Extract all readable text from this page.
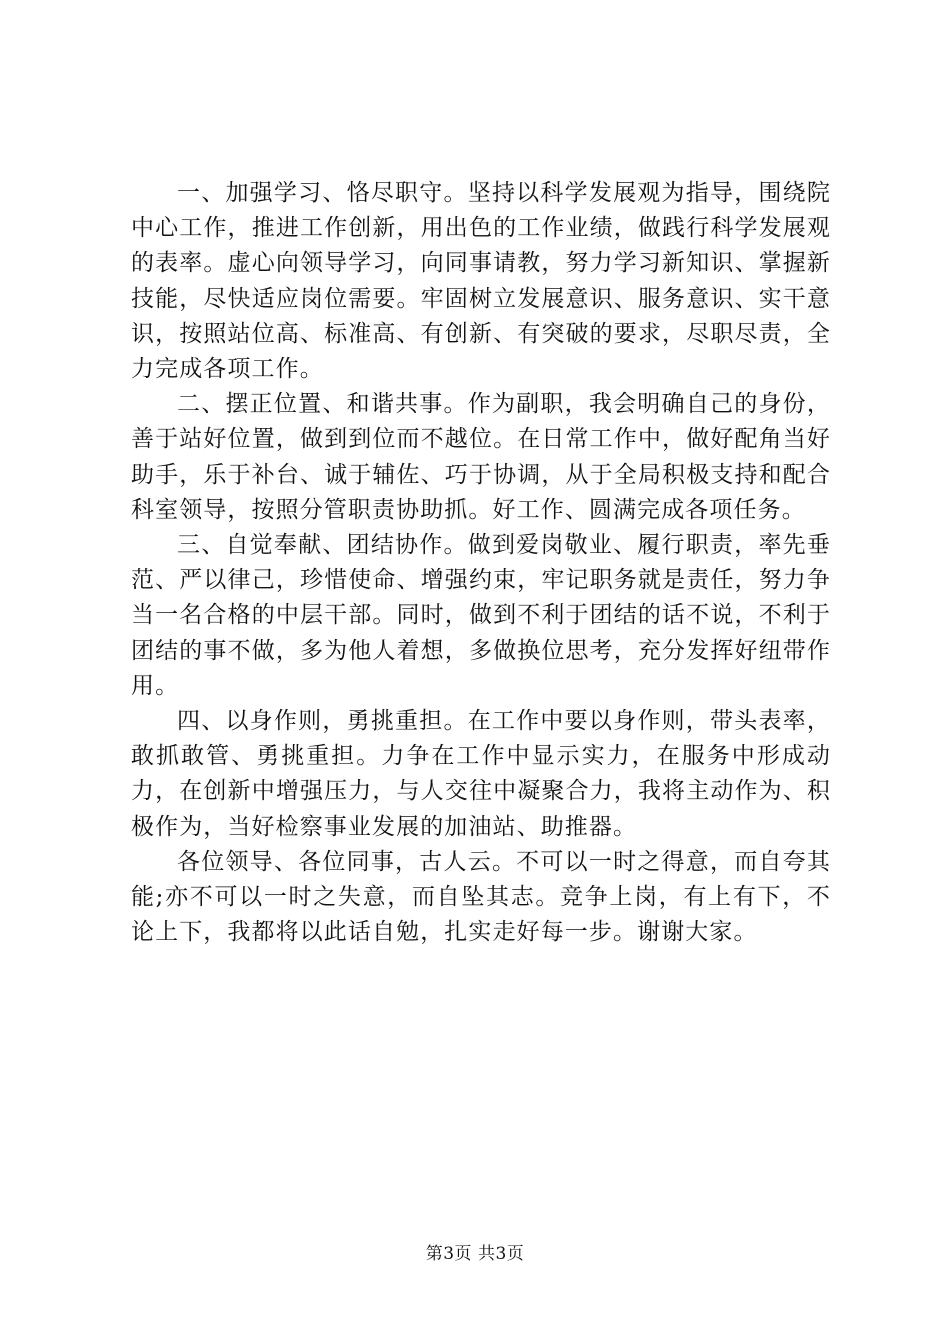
一、加强学习、恪尽职守。坚持以科学发展观为指导，围绕院中心工作，推进工作创新，用出色的工作业绩，做践行科学发展观的表率。虚心向领导学习，向同事请教，努力学习新知识、掌握新技能，尽快适应岗位需要。牢固树立发展意识、服务意识、实干意识，按照站位高、标准高、有创新、有突破的要求，尽职尽责，全力完成各项工作。

二、摆正位置、和谐共事。作为副职，我会明确自己的身份，善于站好位置，做到到位而不越位。在日常工作中，做好配角当好助手，乐于补台、诚于辅佐、巧于协调，从于全局积极支持和配合科室领导，按照分管职责协助抓。好工作、圆满完成各项任务。

三、自觉奉献、团结协作。做到爱岗敬业、履行职责，率先垂范、严以律己，珍惜使命、增强约束，牢记职务就是责任，努力争当一名合格的中层干部。同时，做到不利于团结的话不说，不利于团结的事不做，多为他人着想，多做换位思考，充分发挥好纽带作用。

四、以身作则，勇挑重担。在工作中要以身作则，带头表率，敢抓敢管、勇挑重担。力争在工作中显示实力，在服务中形成动力，在创新中增强压力，与人交往中凝聚合力，我将主动作为、积极作为，当好检察事业发展的加油站、助推器。

各位领导、各位同事，古人云。不可以一时之得意，而自夸其能;亦不可以一时之失意，而自坠其志。竞争上岗，有上有下，不论上下，我都将以此话自勉，扎实走好每一步。谢谢大家。

第3页 共3页
